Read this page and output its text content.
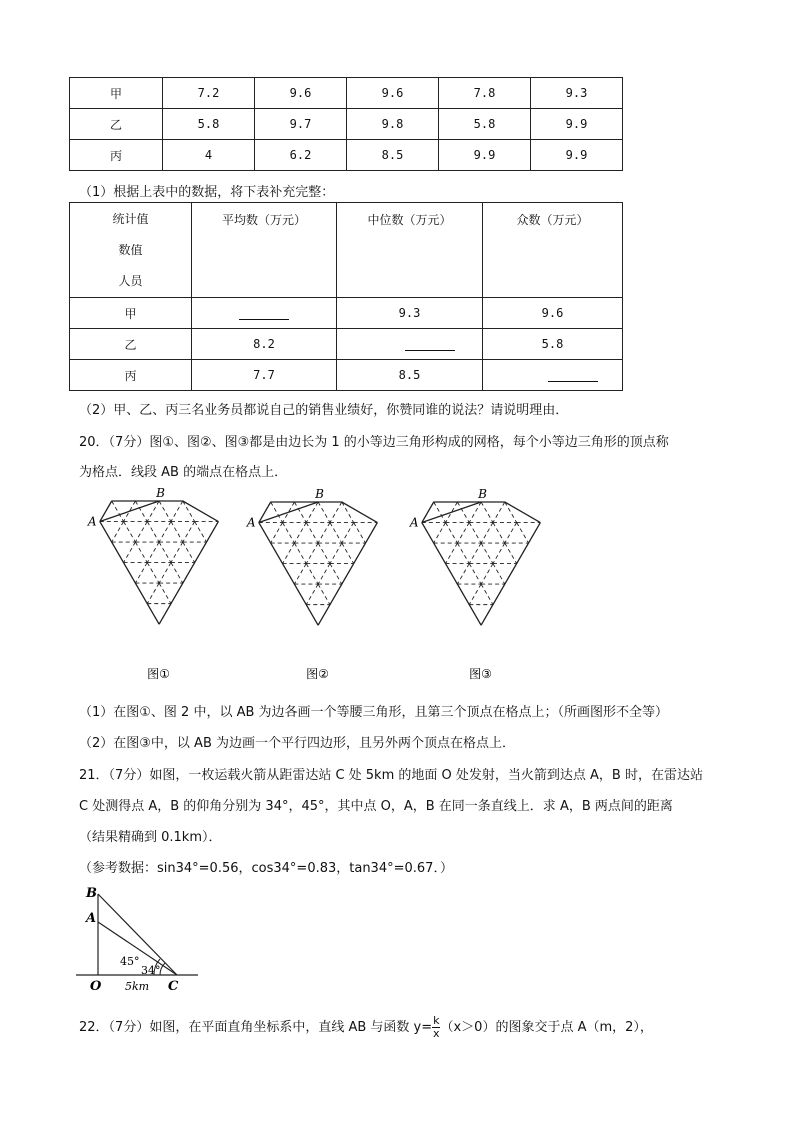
甲	7.2	9.6	9.6	7.8	9.3
乙	5.8	9.7	9.8	5.8	9.9
丙	4	6.2	8.5	9.9	9.9
（1）根据上表中的数据，将下表补充完整：
统计值
数值
人员	平均数（万元）	中位数（万元）	众数（万元）
甲		9.3	9.6
乙	8.2		5.8
丙	7.7	8.5	
（2）甲、乙、丙三名业务员都说自己的销售业绩好，你赞同谁的说法？请说明理由．
20．（7分）图①、图②、图③都是由边长为 1 的小等边三角形构成的网格，每个小等边三角形的顶点称
为格点．线段 AB 的端点在格点上．
A
B
图①
A
B
图②
A
B
图③
（1）在图①、图 2 中，以 AB 为边各画一个等腰三角形，且第三个顶点在格点上；（所画图形不全等）
（2）在图③中，以 AB 为边画一个平行四边形，且另外两个顶点在格点上．
21．（7分）如图，一枚运载火箭从距雷达站 C 处 5km 的地面 O 处发射，当火箭到达点 A，B 时，在雷达站
C 处测得点 A，B 的仰角分别为 34°，45°，其中点 O，A，B 在同一条直线上．求 A，B 两点间的距离
（结果精确到 0.1km）．
（参考数据：sin34°=0.56，cos34°=0.83，tan34°=0.67．）
B
A
O	C
45°
34°
5km
22．（7分）如图，在平面直角坐标系中，直线 AB 与函数 $y= \frac{k}{x} (x>0)$的图象交于点 A（m，2），
